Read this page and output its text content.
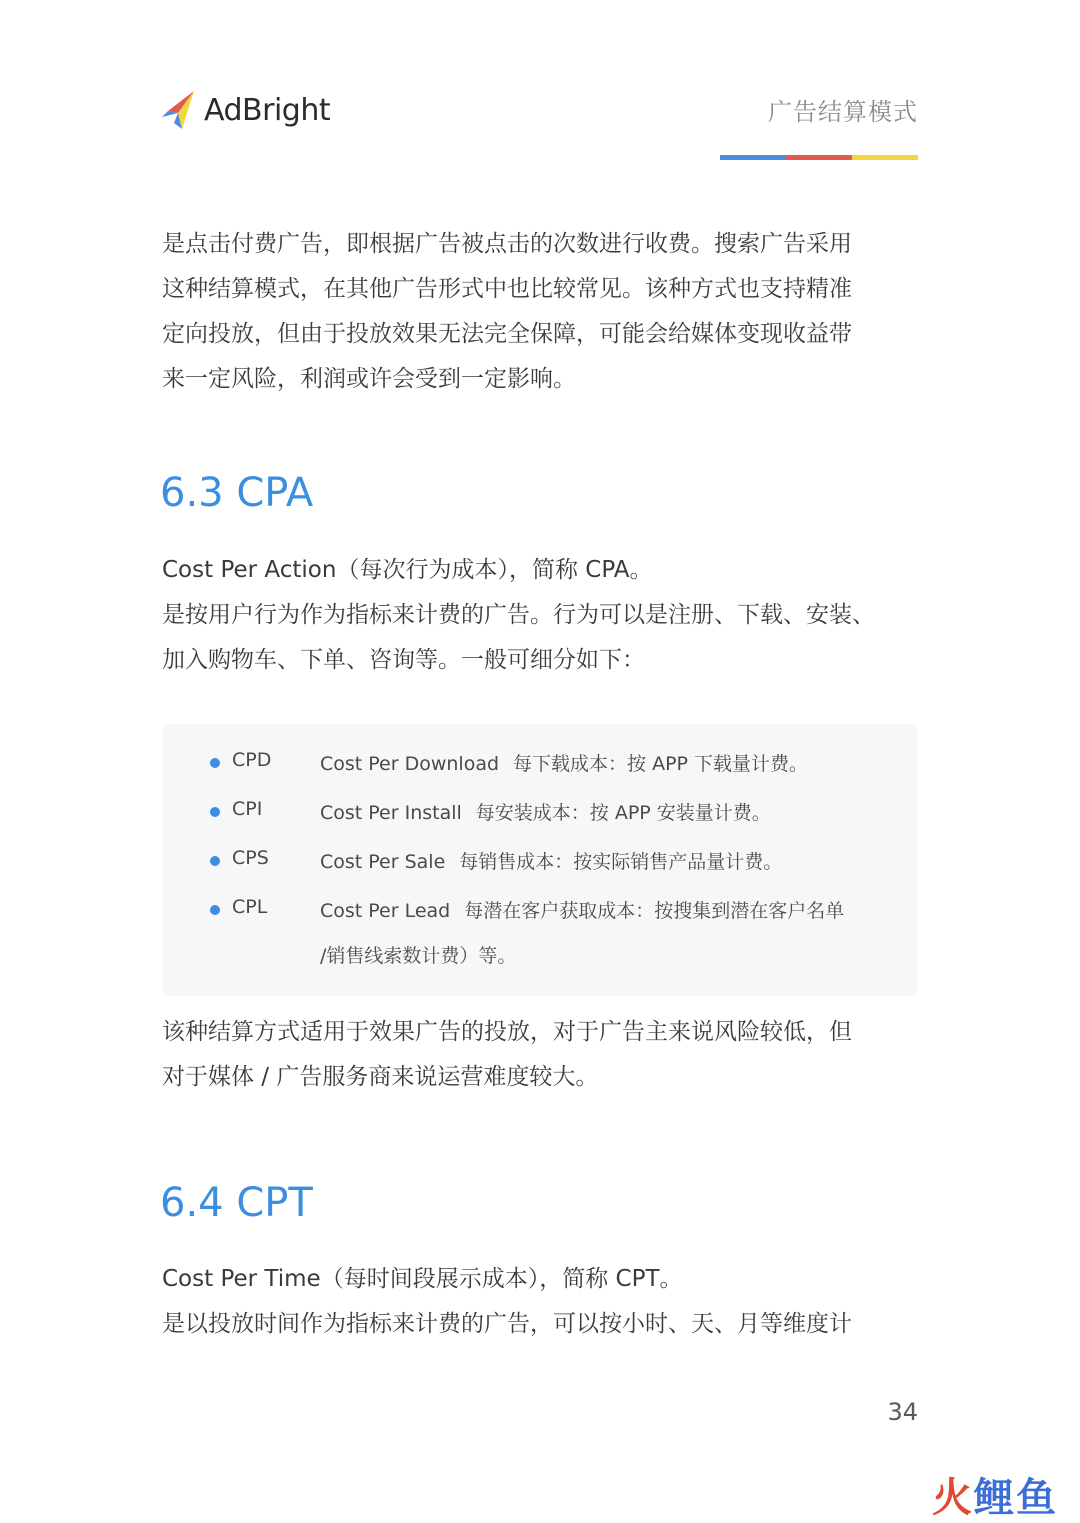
AdBright	广告结算模式

是点击付费广告，即根据广告被点击的次数进行收费。搜索广告采用

这种结算模式，在其他广告形式中也比较常见。该种方式也支持精准

定向投放，但由于投放效果无法完全保障，可能会给媒体变现收益带

来一定风险，利润或许会受到一定影响。

6.3 CPA

Cost Per Action（每次行为成本），简称 CPA。

是按用户行为作为指标来计费的广告。行为可以是注册、下载、安装、

加入购物车、下单、咨询等。一般可细分如下：

CPD	Cost Per Download 每下载成本：按 APP 下载量计费。
CPI	Cost Per Install 每安装成本：按 APP 安装量计费。
CPS	Cost Per Sale 每销售成本：按实际销售产品量计费。
CPL	Cost Per Lead 每潜在客户获取成本：按搜集到潜在客户名单
/销售线索数计费）等。

该种结算方式适用于效果广告的投放，对于广告主来说风险较低，但

对于媒体 / 广告服务商来说运营难度较大。

6.4 CPT

Cost Per Time（每时间段展示成本），简称 CPT。

是以投放时间作为指标来计费的广告，可以按小时、天、月等维度计

34
火鲤鱼
